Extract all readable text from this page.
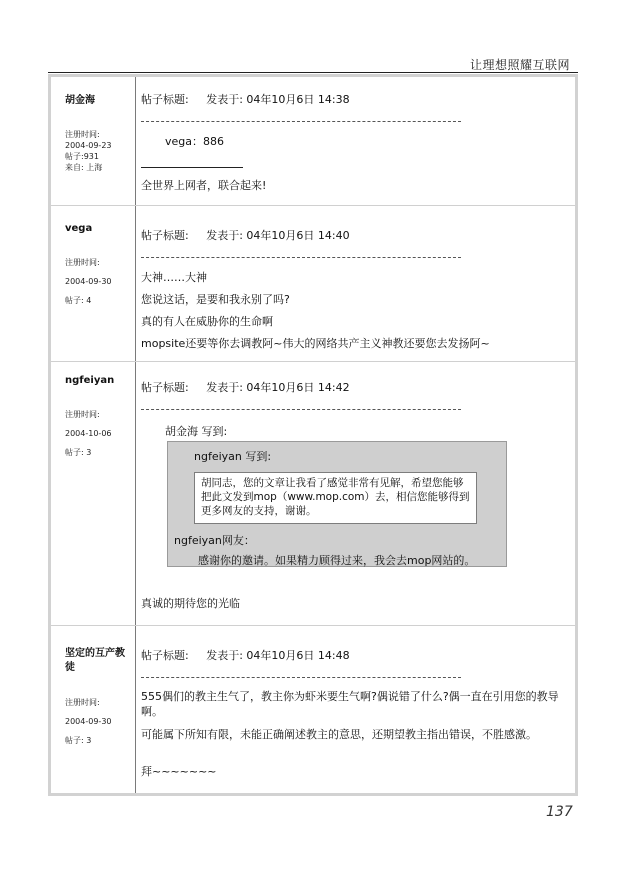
让理想照耀互联网
胡金海
注册时间:
2004-09-23
帖子:931
来自: 上海
帖子标题: 发表于: 04年10月6日 14:38
vega：886
全世界上网者，联合起来!
vega
注册时间:
2004-09-30
帖子: 4
帖子标题: 发表于: 04年10月6日 14:40
大神……大神
您说这话，是要和我永别了吗?
真的有人在威胁你的生命啊
mopsite还要等你去调教阿~伟大的网络共产主义神教还要您去发扬阿~
ngfeiyan
注册时间:
2004-10-06
帖子: 3
帖子标题: 发表于: 04年10月6日 14:42
胡金海 写到:
ngfeiyan 写到:
胡同志，您的文章让我看了感觉非常有见解，希望您能够把此文发到mop（www.mop.com）去，相信您能够得到更多网友的支持，谢谢。
ngfeiyan网友：
感谢你的邀请。如果精力顾得过来，我会去mop网站的。
真诚的期待您的光临
坚定的互产教徒
注册时间:
2004-09-30
帖子: 3
帖子标题: 发表于: 04年10月6日 14:48
555偶们的教主生气了，教主你为虾米要生气啊?偶说错了什么?偶一直在引用您的教导啊。
可能属下所知有限，未能正确阐述教主的意思，还期望教主指出错误，不胜感激。
拜~~~~~~~
137
